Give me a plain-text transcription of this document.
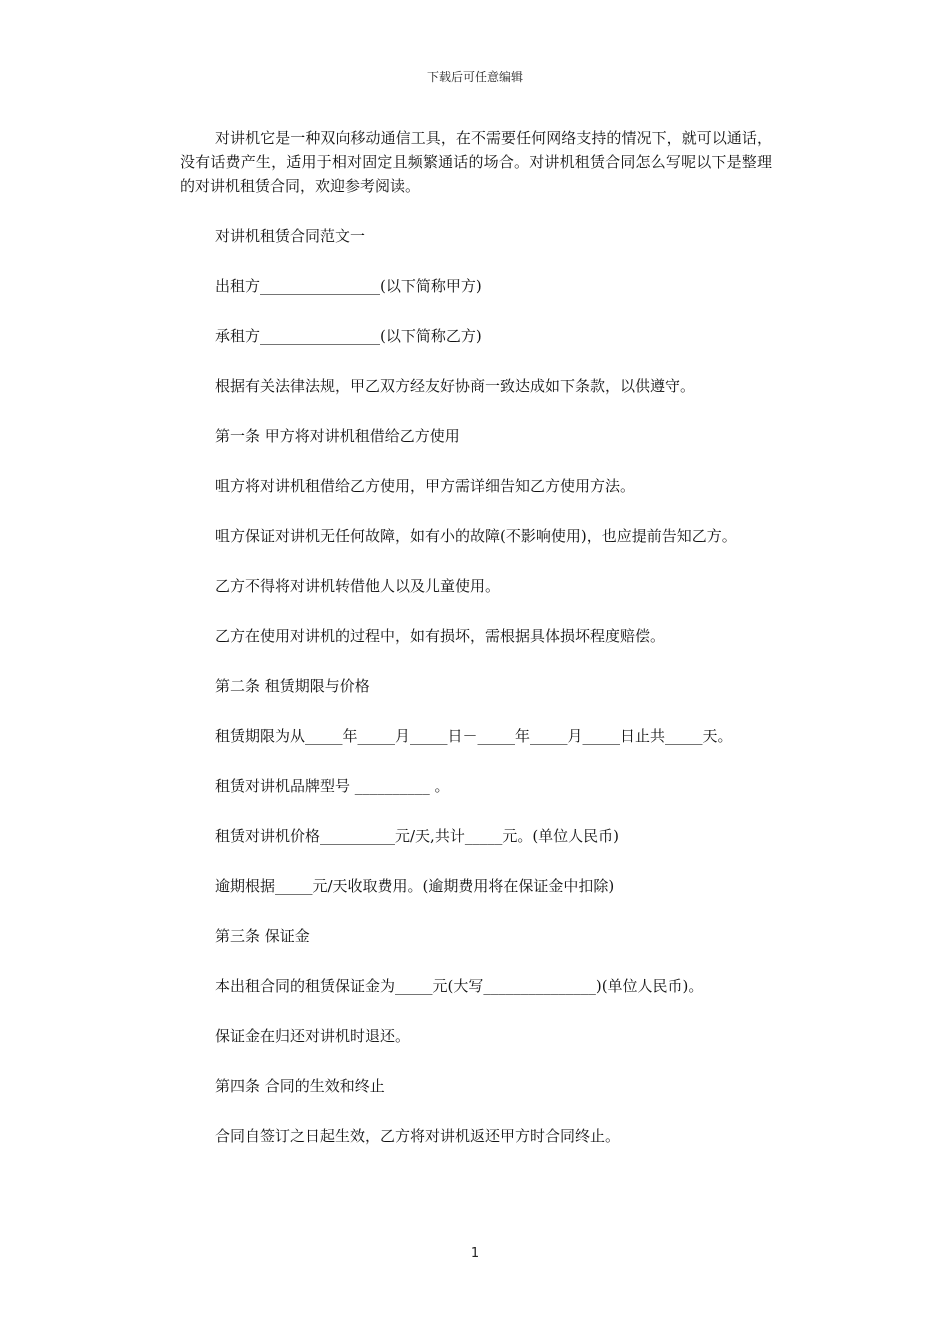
下载后可任意编辑

对讲机它是一种双向移动通信工具，在不需要任何网络支持的情况下，就可以通话，没有话费产生，适用于相对固定且频繁通话的场合。对讲机租赁合同怎么写呢以下是整理的对讲机租赁合同，欢迎参考阅读。

对讲机租赁合同范文一

出租方________________(以下简称甲方)

承租方________________(以下简称乙方)

根据有关法律法规，甲乙双方经友好协商一致达成如下条款，以供遵守。

第一条 甲方将对讲机租借给乙方使用

咀方将对讲机租借给乙方使用，甲方需详细告知乙方使用方法。

咀方保证对讲机无任何故障，如有小的故障(不影响使用)，也应提前告知乙方。

乙方不得将对讲机转借他人以及儿童使用。

乙方在使用对讲机的过程中，如有损坏，需根据具体损坏程度赔偿。

第二条 租赁期限与价格

租赁期限为从_____年_____月_____日－_____年_____月_____日止共_____天。

租赁对讲机品牌型号 __________ 。

租赁对讲机价格__________元/天,共计_____元。(单位人民币)

逾期根据_____元/天收取费用。(逾期费用将在保证金中扣除)

第三条 保证金

本出租合同的租赁保证金为_____元(大写_______________)(单位人民币)。

保证金在归还对讲机时退还。

第四条 合同的生效和终止

合同自签订之日起生效，乙方将对讲机返还甲方时合同终止。

1
